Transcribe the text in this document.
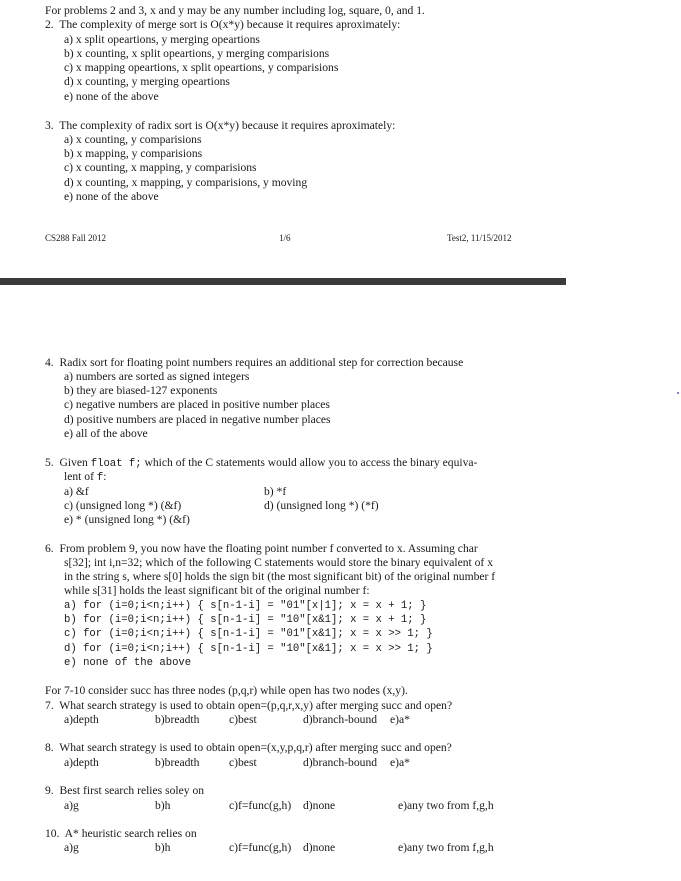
For problems 2 and 3, x and y may be any number including log, square, 0, and 1.
2.  The complexity of merge sort is O(x*y) because it requires aproximately:
a) x split opeartions, y merging opeartions
b) x counting, x split opeartions, y merging comparisions
c) x mapping opeartions, x split opeartions, y comparisions
d) x counting, y merging opeartions
e) none of the above
3.  The complexity of radix sort is O(x*y) because it requires aproximately:
a) x counting, y comparisions
b) x mapping, y comparisions
c) x counting, x mapping, y comparisions
d) x counting, x mapping, y comparisions, y moving
e) none of the above
CS288 Fall 2012	1/6	Test2, 11/15/2012
4.  Radix sort for floating point numbers requires an additional step for correction because
a) numbers are sorted as signed integers
b) they are biased-127 exponents
c) negative numbers are placed in positive number places
d) positive numbers are placed in negative number places
e) all of the above
5.  Given float f; which of the C statements would allow you to access the binary equiva-
lent of f:
a) &f	b) *f
c) (unsigned long *) (&f)	d) (unsigned long *) (*f)
e) * (unsigned long *) (&f)
6.  From problem 9, you now have the floating point number f converted to x. Assuming char
s[32]; int i,n=32; which of the following C statements would store the binary equivalent of x
in the string s, where s[0] holds the sign bit (the most significant bit) of the original number f
while s[31] holds the least significant bit of the original number f:
a) for (i=0;i<n;i++) { s[n-1-i] = "01"[x|1]; x = x + 1; }
b) for (i=0;i<n;i++) { s[n-1-i] = "10"[x&1]; x = x + 1; }
c) for (i=0;i<n;i++) { s[n-1-i] = "01"[x&1]; x = x >> 1; }
d) for (i=0;i<n;i++) { s[n-1-i] = "10"[x&1]; x = x >> 1; }
e) none of the above
For 7-10 consider succ has three nodes (p,q,r) while open has two nodes (x,y).
7.  What search strategy is used to obtain open=(p,q,r,x,y) after merging succ and open?
a)depth	b)breadth	c)best	d)branch-bound e)a*
8.  What search strategy is used to obtain open=(x,y,p,q,r) after merging succ and open?
a)depth	b)breadth	c)best	d)branch-bound e)a*
9.  Best first search relies soley on
a)g	b)h	c)f=func(g,h) d)none	e)any two from f,g,h
10.  A* heuristic search relies on
a)g	b)h	c)f=func(g,h) d)none	e)any two from f,g,h
